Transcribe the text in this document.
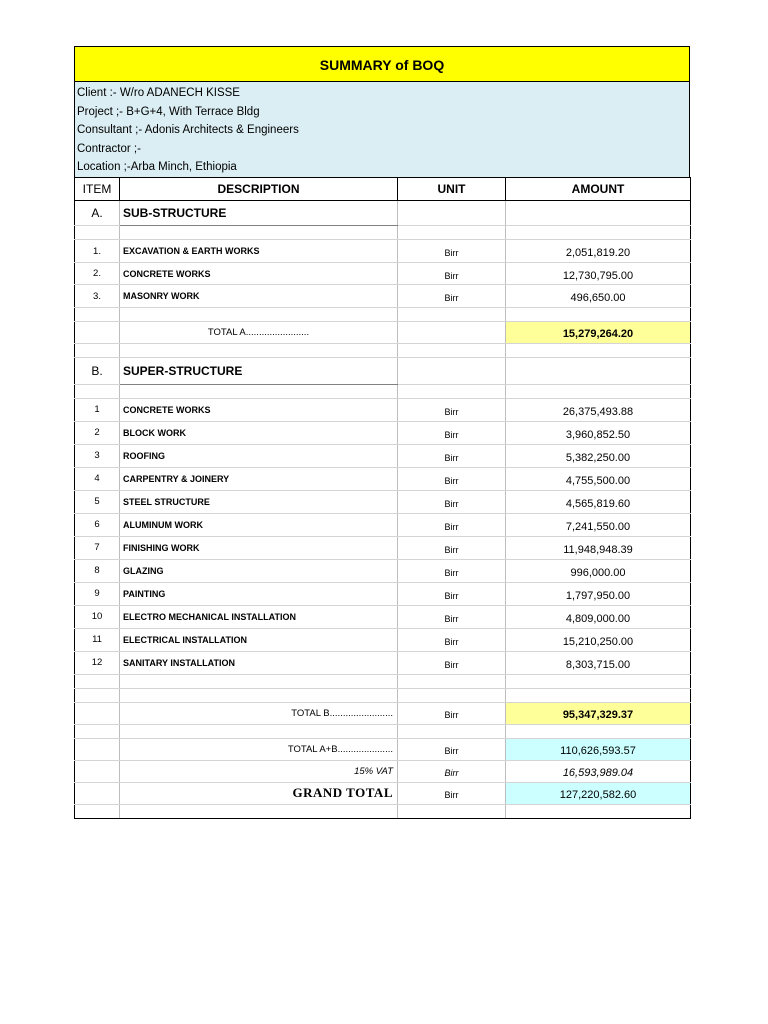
SUMMARY of BOQ
Client :- W/ro ADANECH KISSE
Project ;- B+G+4, With Terrace Bldg
Consultant ;- Adonis Architects & Engineers
Contractor ;-
Location ;-Arba Minch, Ethiopia
ITEM	DESCRIPTION	UNIT	AMOUNT
A.	SUB-STRUCTURE		

1.	EXCAVATION & EARTH WORKS	Birr	2,051,819.20
2.	CONCRETE WORKS	Birr	12,730,795.00
3.	MASONRY WORK	Birr	496,650.00

	TOTAL A........................		15,279,264.20

B.	SUPER-STRUCTURE		

1	CONCRETE WORKS	Birr	26,375,493.88
2	BLOCK WORK	Birr	3,960,852.50
3	ROOFING	Birr	5,382,250.00
4	CARPENTRY & JOINERY	Birr	4,755,500.00
5	STEEL STRUCTURE	Birr	4,565,819.60
6	ALUMINUM WORK	Birr	7,241,550.00
7	FINISHING WORK	Birr	11,948,948.39
8	GLAZING	Birr	996,000.00
9	PAINTING	Birr	1,797,950.00
10	ELECTRO MECHANICAL INSTALLATION	Birr	4,809,000.00
11	ELECTRICAL INSTALLATION	Birr	15,210,250.00
12	SANITARY INSTALLATION	Birr	8,303,715.00

	TOTAL B........................	Birr	95,347,329.37

	TOTAL A+B.....................	Birr	110,626,593.57
	15% VAT	Birr	16,593,989.04
	GRAND TOTAL	Birr	127,220,582.60
